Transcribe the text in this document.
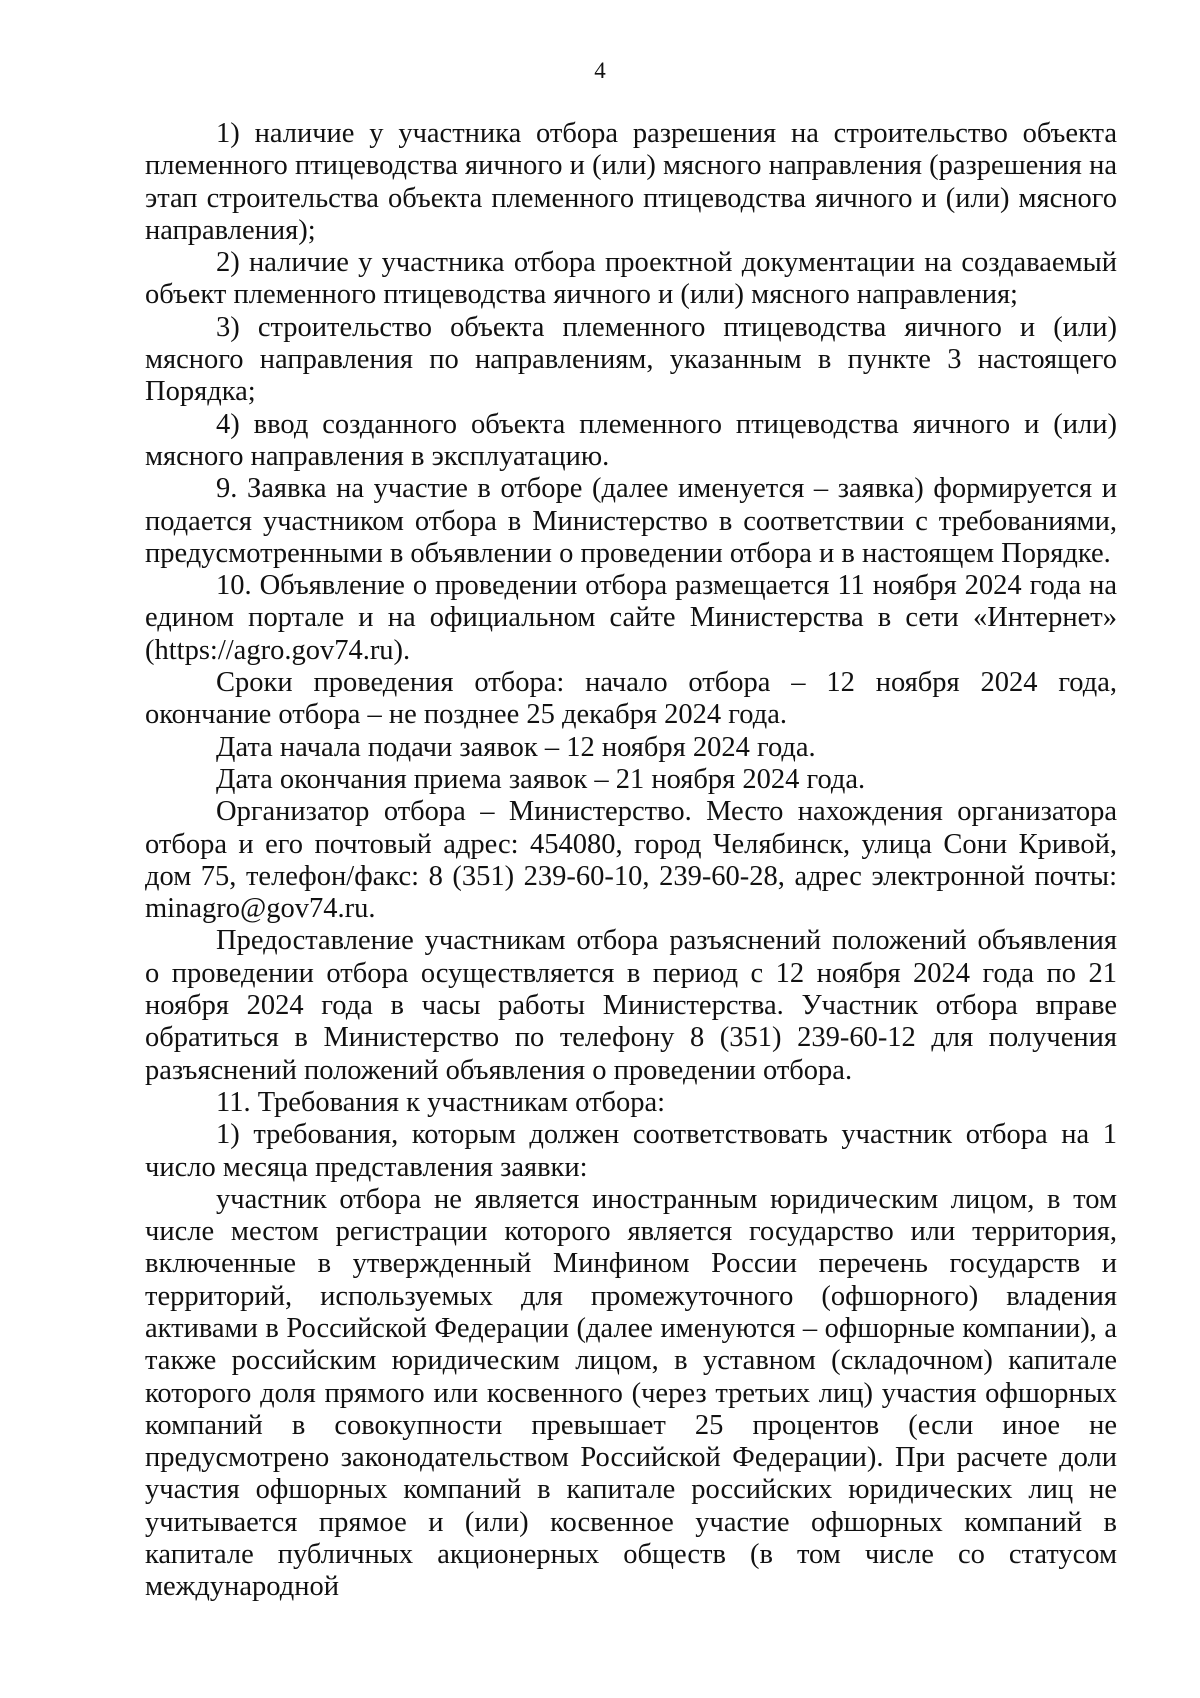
4

1) наличие у участника отбора разрешения на строительство объекта племенного птицеводства яичного и (или) мясного направления (разрешения на этап строительства объекта племенного птицеводства яичного и (или) мясного направления);

2) наличие у участника отбора проектной документации на создаваемый объект племенного птицеводства яичного и (или) мясного направления;

3) строительство объекта племенного птицеводства яичного и (или) мясного направления по направлениям, указанным в пункте 3 настоящего Порядка;

4) ввод созданного объекта племенного птицеводства яичного и (или) мясного направления в эксплуатацию.

9. Заявка на участие в отборе (далее именуется – заявка) формируется и подается участником отбора в Министерство в соответствии с требованиями, предусмотренными в объявлении о проведении отбора и в настоящем Порядке.

10. Объявление о проведении отбора размещается 11 ноября 2024 года на едином портале и на официальном сайте Министерства в сети «Интернет» (https://agro.gov74.ru).

Сроки проведения отбора: начало отбора – 12 ноября 2024 года, окончание отбора – не позднее 25 декабря 2024 года.

Дата начала подачи заявок – 12 ноября 2024 года.

Дата окончания приема заявок – 21 ноября 2024 года.

Организатор отбора – Министерство. Место нахождения организатора отбора и его почтовый адрес: 454080, город Челябинск, улица Сони Кривой, дом 75, телефон/факс: 8 (351) 239-60-10, 239-60-28, адрес электронной почты: minagro@gov74.ru.

Предоставление участникам отбора разъяснений положений объявления о проведении отбора осуществляется в период с 12 ноября 2024 года по 21 ноября 2024 года в часы работы Министерства. Участник отбора вправе обратиться в Министерство по телефону 8 (351) 239-60-12 для получения разъяснений положений объявления о проведении отбора.

11. Требования к участникам отбора:

1) требования, которым должен соответствовать участник отбора на 1 число месяца представления заявки:

участник отбора не является иностранным юридическим лицом, в том числе местом регистрации которого является государство или территория, включенные в утвержденный Минфином России перечень государств и территорий, используемых для промежуточного (офшорного) владения активами в Российской Федерации (далее именуются – офшорные компании), а также российским юридическим лицом, в уставном (складочном) капитале которого доля прямого или косвенного (через третьих лиц) участия офшорных компаний в совокупности превышает 25 процентов (если иное не предусмотрено законодательством Российской Федерации). При расчете доли участия офшорных компаний в капитале российских юридических лиц не учитывается прямое и (или) косвенное участие офшорных компаний в капитале публичных акционерных обществ (в том числе со статусом международной
